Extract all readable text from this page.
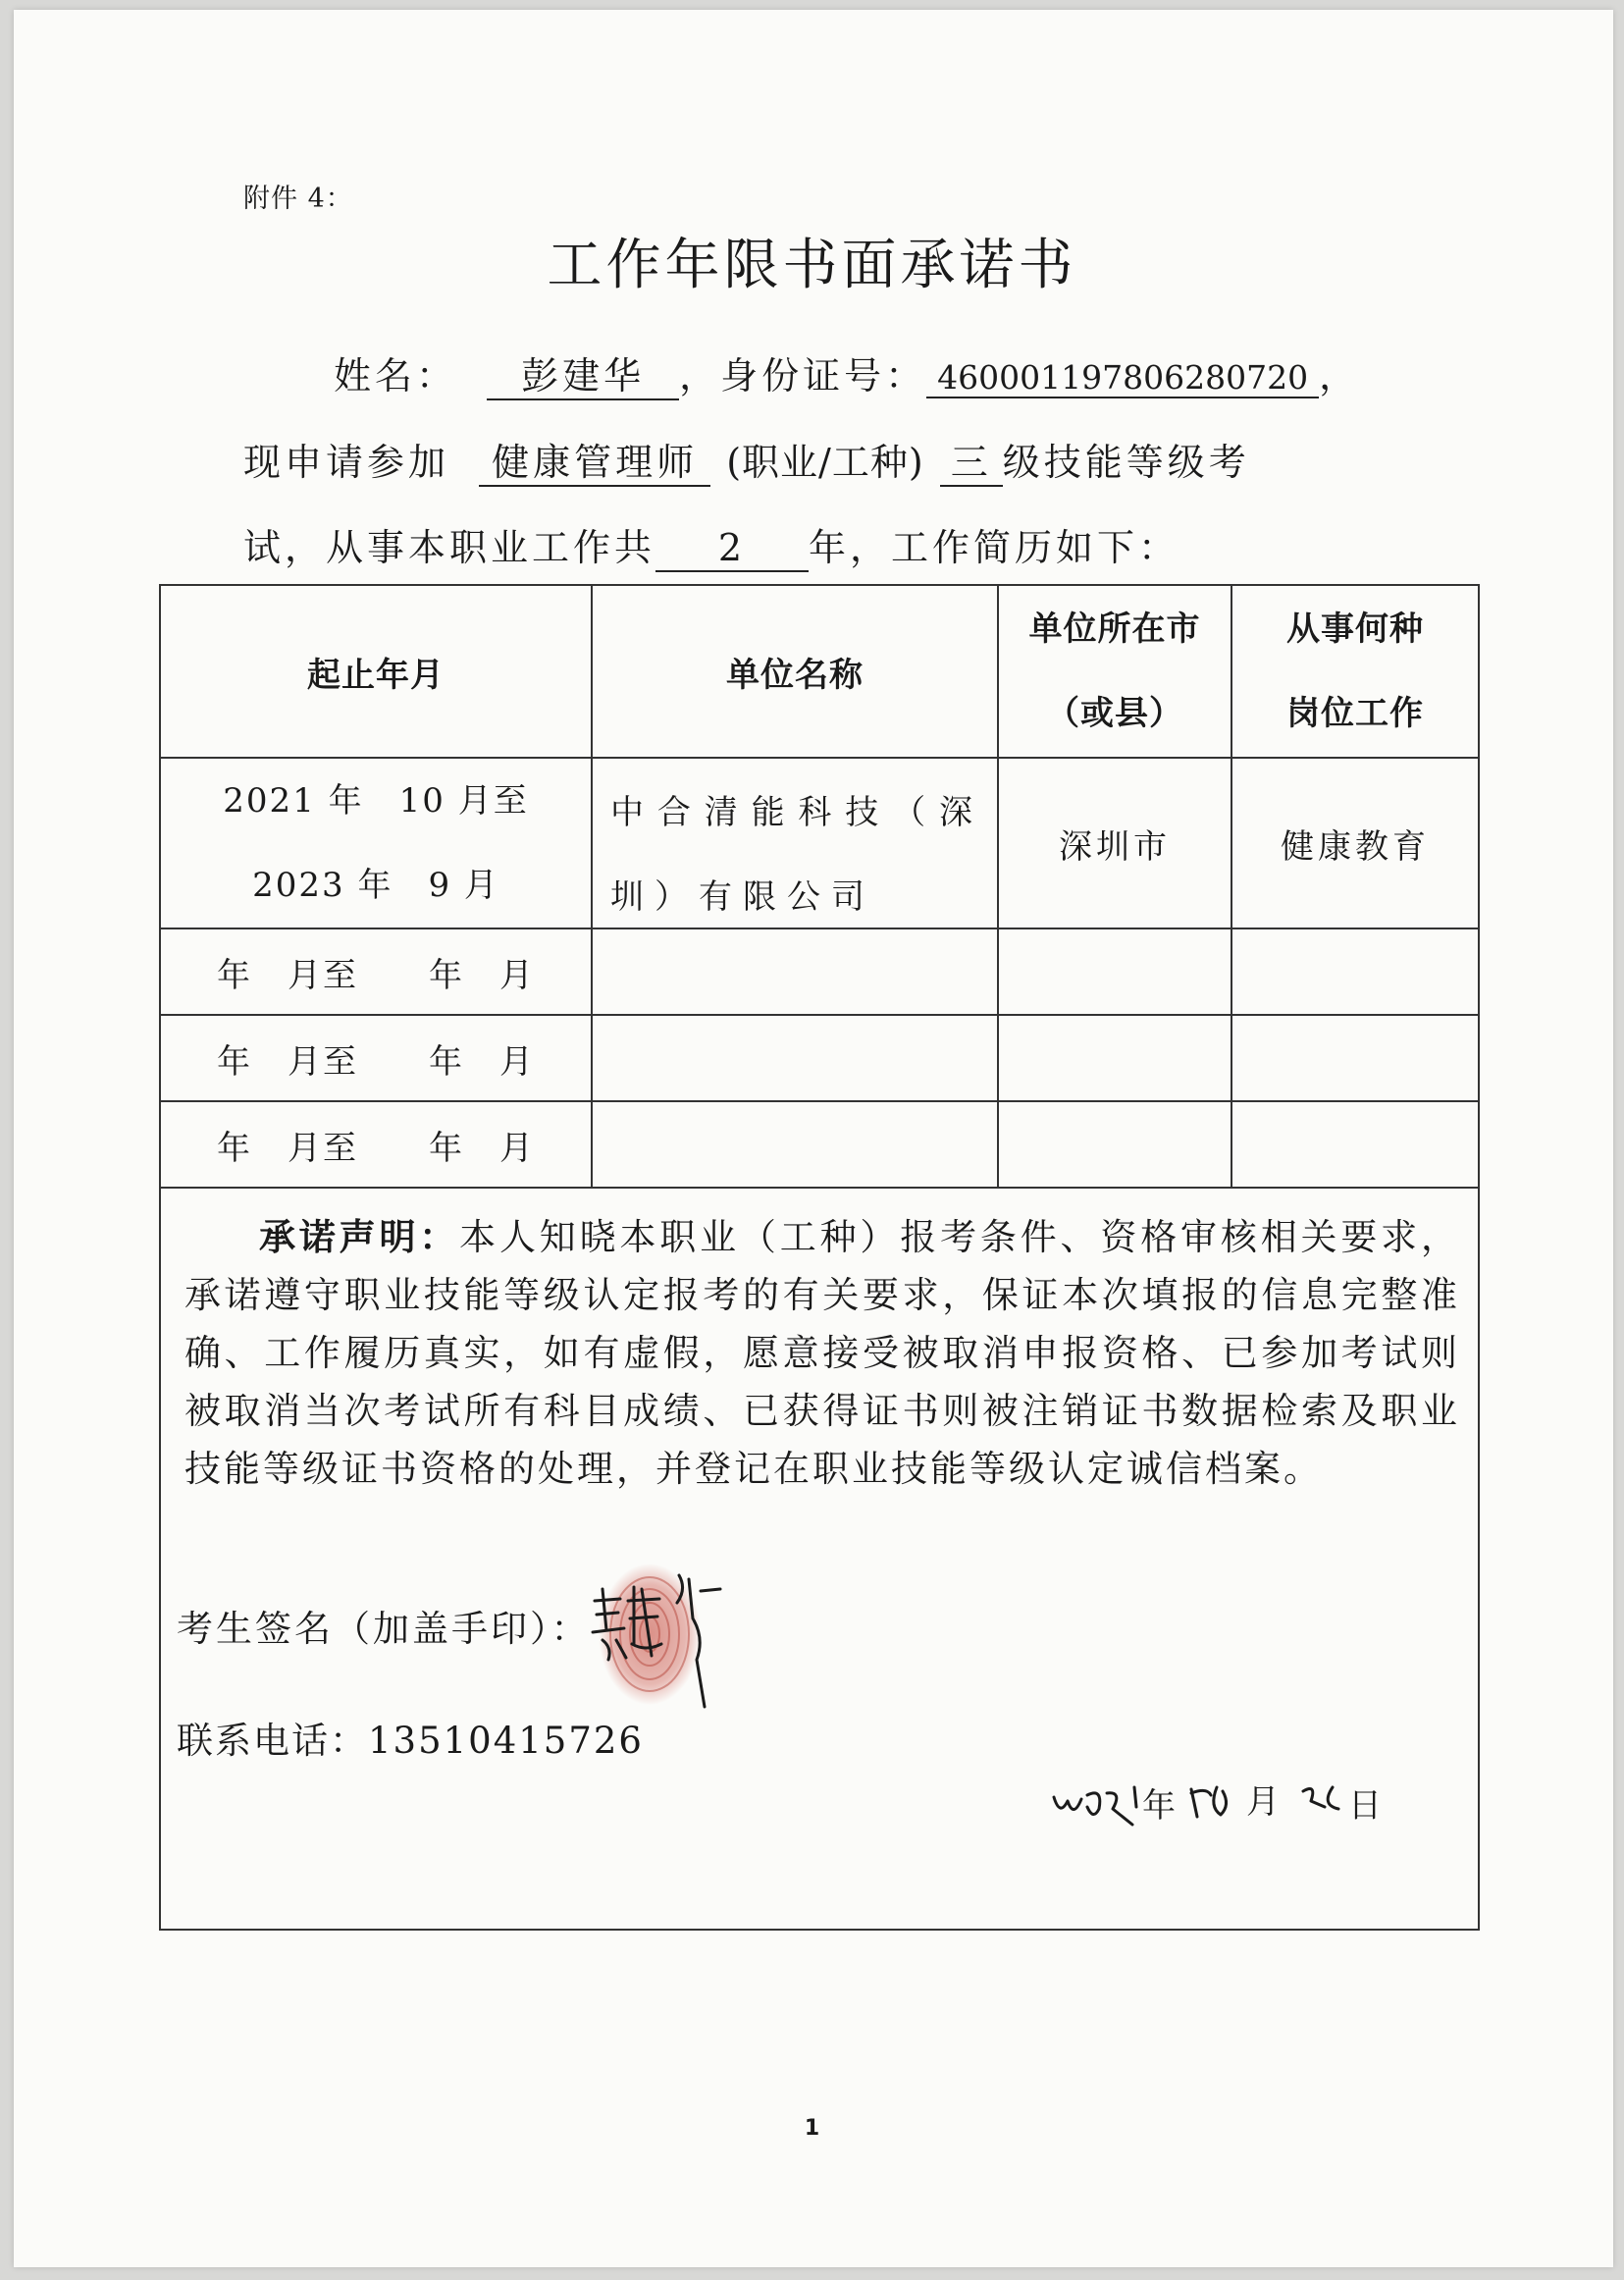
附件 4：
工作年限书面承诺书
姓名： 彭建华 ，身份证号： 460001197806280720 ，
现申请参加 健康管理师 (职业/工种) 三 级技能等级考
试，从事本职业工作共 2 年，工作简历如下：
起止年月	单位名称
单位所在市
（或县）
从事何种
岗位工作
2021 年　10 月至
2023 年　9 月
中合清能科技（深圳）有限公司
深圳市	健康教育
年　月至　　年　月
年　月至　　年　月
年　月至　　年　月
承诺声明：本人知晓本职业（工种）报考条件、资格审核相关要求，承诺遵守职业技能等级认定报考的有关要求，保证本次填报的信息完整准确、工作履历真实，如有虚假，愿意接受被取消申报资格、已参加考试则被取消当次考试所有科目成绩、已获得证书则被注销证书数据检索及职业技能等级证书资格的处理，并登记在职业技能等级认定诚信档案。
考生签名（加盖手印）：
联系电话：13510415726
年 月 日
1
